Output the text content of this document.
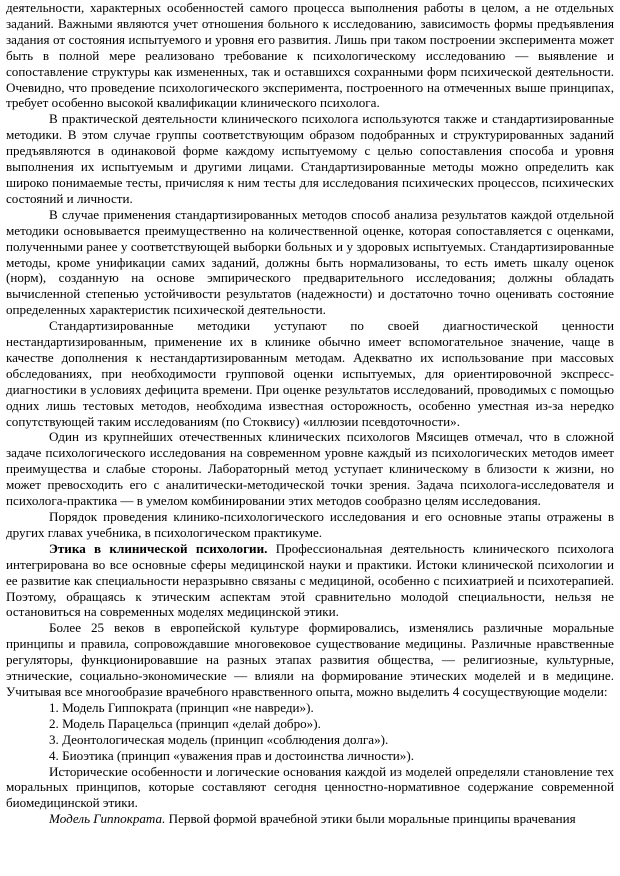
деятельности, характерных особенностей самого процесса выполнения работы в целом, а не отдельных заданий. Важными являются учет отношения больного к исследованию, зависимость формы предъявления задания от состояния испытуемого и уровня его развития. Лишь при таком построении эксперимента может быть в полной мере реализовано требование к психологическому исследованию — выявление и сопоставление структуры как измененных, так и оставшихся сохранными форм психической деятельности. Очевидно, что проведение психологического эксперимента, построенного на отмеченных выше принципах, требует особенно высокой квалификации клинического психолога.

В практической деятельности клинического психолога используются также и стандартизированные методики. В этом случае группы соответствующим образом подобранных и структурированных заданий предъявляются в одинаковой форме каждому испытуемому с целью сопоставления способа и уровня выполнения их испытуемым и другими лицами. Стандартизированные методы можно определить как широко понимаемые тесты, причисляя к ним тесты для исследования психических процессов, психических состояний и личности.

В случае применения стандартизированных методов способ анализа результатов каждой отдельной методики основывается преимущественно на количественной оценке, которая сопоставляется с оценками, полученными ранее у соответствующей выборки больных и у здоровых испытуемых. Стандартизированные методы, кроме унификации самих заданий, должны быть нормализованы, то есть иметь шкалу оценок (норм), созданную на основе эмпирического предварительного исследования; должны обладать вычисленной степенью устойчивости результатов (надежности) и достаточно точно оценивать состояние определенных характеристик психической деятельности.

Стандартизированные методики уступают по своей диагностической ценности нестандартизированным, применение их в клинике обычно имеет вспомогательное значение, чаще в качестве дополнения к нестандартизированным методам. Адекватно их использование при массовых обследованиях, при необходимости групповой оценки испытуемых, для ориентировочной экспресс-диагностики в условиях дефицита времени. При оценке результатов исследований, проводимых с помощью одних лишь тестовых методов, необходима известная осторожность, особенно уместная из-за нередко сопутствующей таким исследованиям (по Стоквису) «иллюзии псевдоточности».

Один из крупнейших отечественных клинических психологов Мясищев отмечал, что в сложной задаче психологического исследования на современном уровне каждый из психологических методов имеет преимущества и слабые стороны. Лабораторный метод уступает клиническому в близости к жизни, но может превосходить его с аналитически-методической точки зрения. Задача психолога-исследователя и психолога-практика — в умелом комбинировании этих методов сообразно целям исследования.

Порядок проведения клинико-психологического исследования и его основные этапы отражены в других главах учебника, в психологическом практикуме.

Этика в клинической психологии. Профессиональная деятельность клинического психолога интегрирована во все основные сферы медицинской науки и практики. Истоки клинической психологии и ее развитие как специальности неразрывно связаны с медициной, особенно с психиатрией и психотерапией. Поэтому, обращаясь к этическим аспектам этой сравнительно молодой специальности, нельзя не остановиться на современных моделях медицинской этики.

Более 25 веков в европейской культуре формировались, изменялись различные моральные принципы и правила, сопровождавшие многовековое существование медицины. Различные нравственные регуляторы, функционировавшие на разных этапах развития общества, — религиозные, культурные, этнические, социально-экономические — влияли на формирование этических моделей и в медицине. Учитывая все многообразие врачебного нравственного опыта, можно выделить 4 сосуществующие модели:

1. Модель Гиппократа (принцип «не навреди»).

2. Модель Парацельса (принцип «делай добро»).

3. Деонтологическая модель (принцип «соблюдения долга»).

4. Биоэтика (принцип «уважения прав и достоинства личности»).

Исторические особенности и логические основания каждой из моделей определяли становление тех моральных принципов, которые составляют сегодня ценностно-нормативное содержание современной биомедицинской этики.

Модель Гиппократа. Первой формой врачебной этики были моральные принципы врачевания
